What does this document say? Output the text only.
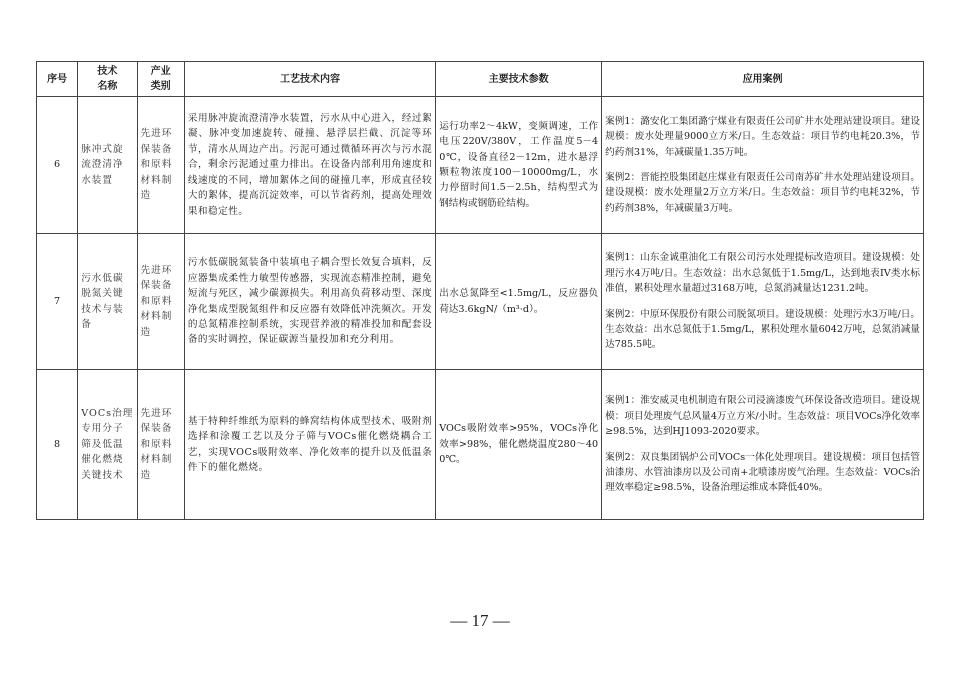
序号	技术名称	产业类别	工艺技术内容	主要技术参数	应用案例
6	脉冲式旋流澄清净水装置	先进环保装备和原料材料制造	采用脉冲旋流澄清净水装置，污水从中心进入，经过絮凝、脉冲变加速旋转、碰撞、悬浮层拦截、沉淀等环节，清水从周边产出。污泥可通过微循环再次与污水混合，剩余污泥通过重力排出。在设备内部利用角速度和线速度的不同，增加絮体之间的碰撞几率，形成直径较大的絮体，提高沉淀效率，可以节省药剂，提高处理效果和稳定性。	运行功率2～4kW，变频调速，工作电压220V/380V，工作温度5－40℃，设备直径2－12m，进水悬浮颗粒物浓度100－10000mg/L，水力停留时间1.5－2.5h，结构型式为钢结构或钢筋砼结构。	案例1：潞安化工集团潞宁煤业有限责任公司矿井水处理站建设项目。建设规模：废水处理量9000立方米/日。生态效益：项目节约电耗20.3%，节约药剂31%，年减碳量1.35万吨。

案例2：晋能控股集团赵庄煤业有限责任公司南苏矿井水处理站建设项目。建设规模：废水处理量2万立方米/日。生态效益：项目节约电耗32%，节约药剂38%，年减碳量3万吨。

7	污水低碳脱氮关键技术与装备	先进环保装备和原料材料制造	污水低碳脱氮装备中装填电子耦合型长效复合填料，反应器集成柔性力敏型传感器，实现流态精准控制，避免短流与死区，减少碳源损失。利用高负荷移动型、深度净化集成型脱氮组件和反应器有效降低冲洗频次。开发的总氮精准控制系统，实现营养液的精准投加和配套设备的实时调控，保证碳源当量投加和充分利用。	出水总氮降至<1.5mg/L，反应器负荷达3.6kgN/（m³·d）。	案例1：山东金诚重油化工有限公司污水处理提标改造项目。建设规模：处理污水4万吨/日。生态效益：出水总氮低于1.5mg/L，达到地表IV类水标准值，累积处理水量超过3168万吨，总氮消减量达1231.2吨。

案例2：中原环保股份有限公司脱氮项目。建设规模：处理污水3万吨/日。生态效益：出水总氮低于1.5mg/L，累积处理水量6042万吨，总氮消减量达785.5吨。

8	VOCs治理专用分子筛及低温催化燃烧关键技术	先进环保装备和原料材料制造	基于特种纤维纸为原料的蜂窝结构体成型技术、吸附剂选择和涂覆工艺以及分子筛与VOCs催化燃烧耦合工艺，实现VOCs吸附效率、净化效率的提升以及低温条件下的催化燃烧。	VOCs吸附效率>95%，VOCs净化效率>98%，催化燃烧温度280～400℃。	案例1：淮安威灵电机制造有限公司浸滴漆废气环保设备改造项目。建设规模：项目处理废气总风量4万立方米/小时。生态效益：项目VOCs净化效率≥98.5%，达到HJ1093-2020要求。

案例2：双良集团锅炉公司VOCs一体化处理项目。建设规模：项目包括管油漆房、水管油漆房以及公司南+北喷漆房废气治理。生态效益：VOCs治理效率稳定≥98.5%，设备治理运维成本降低40%。

— 17 —
